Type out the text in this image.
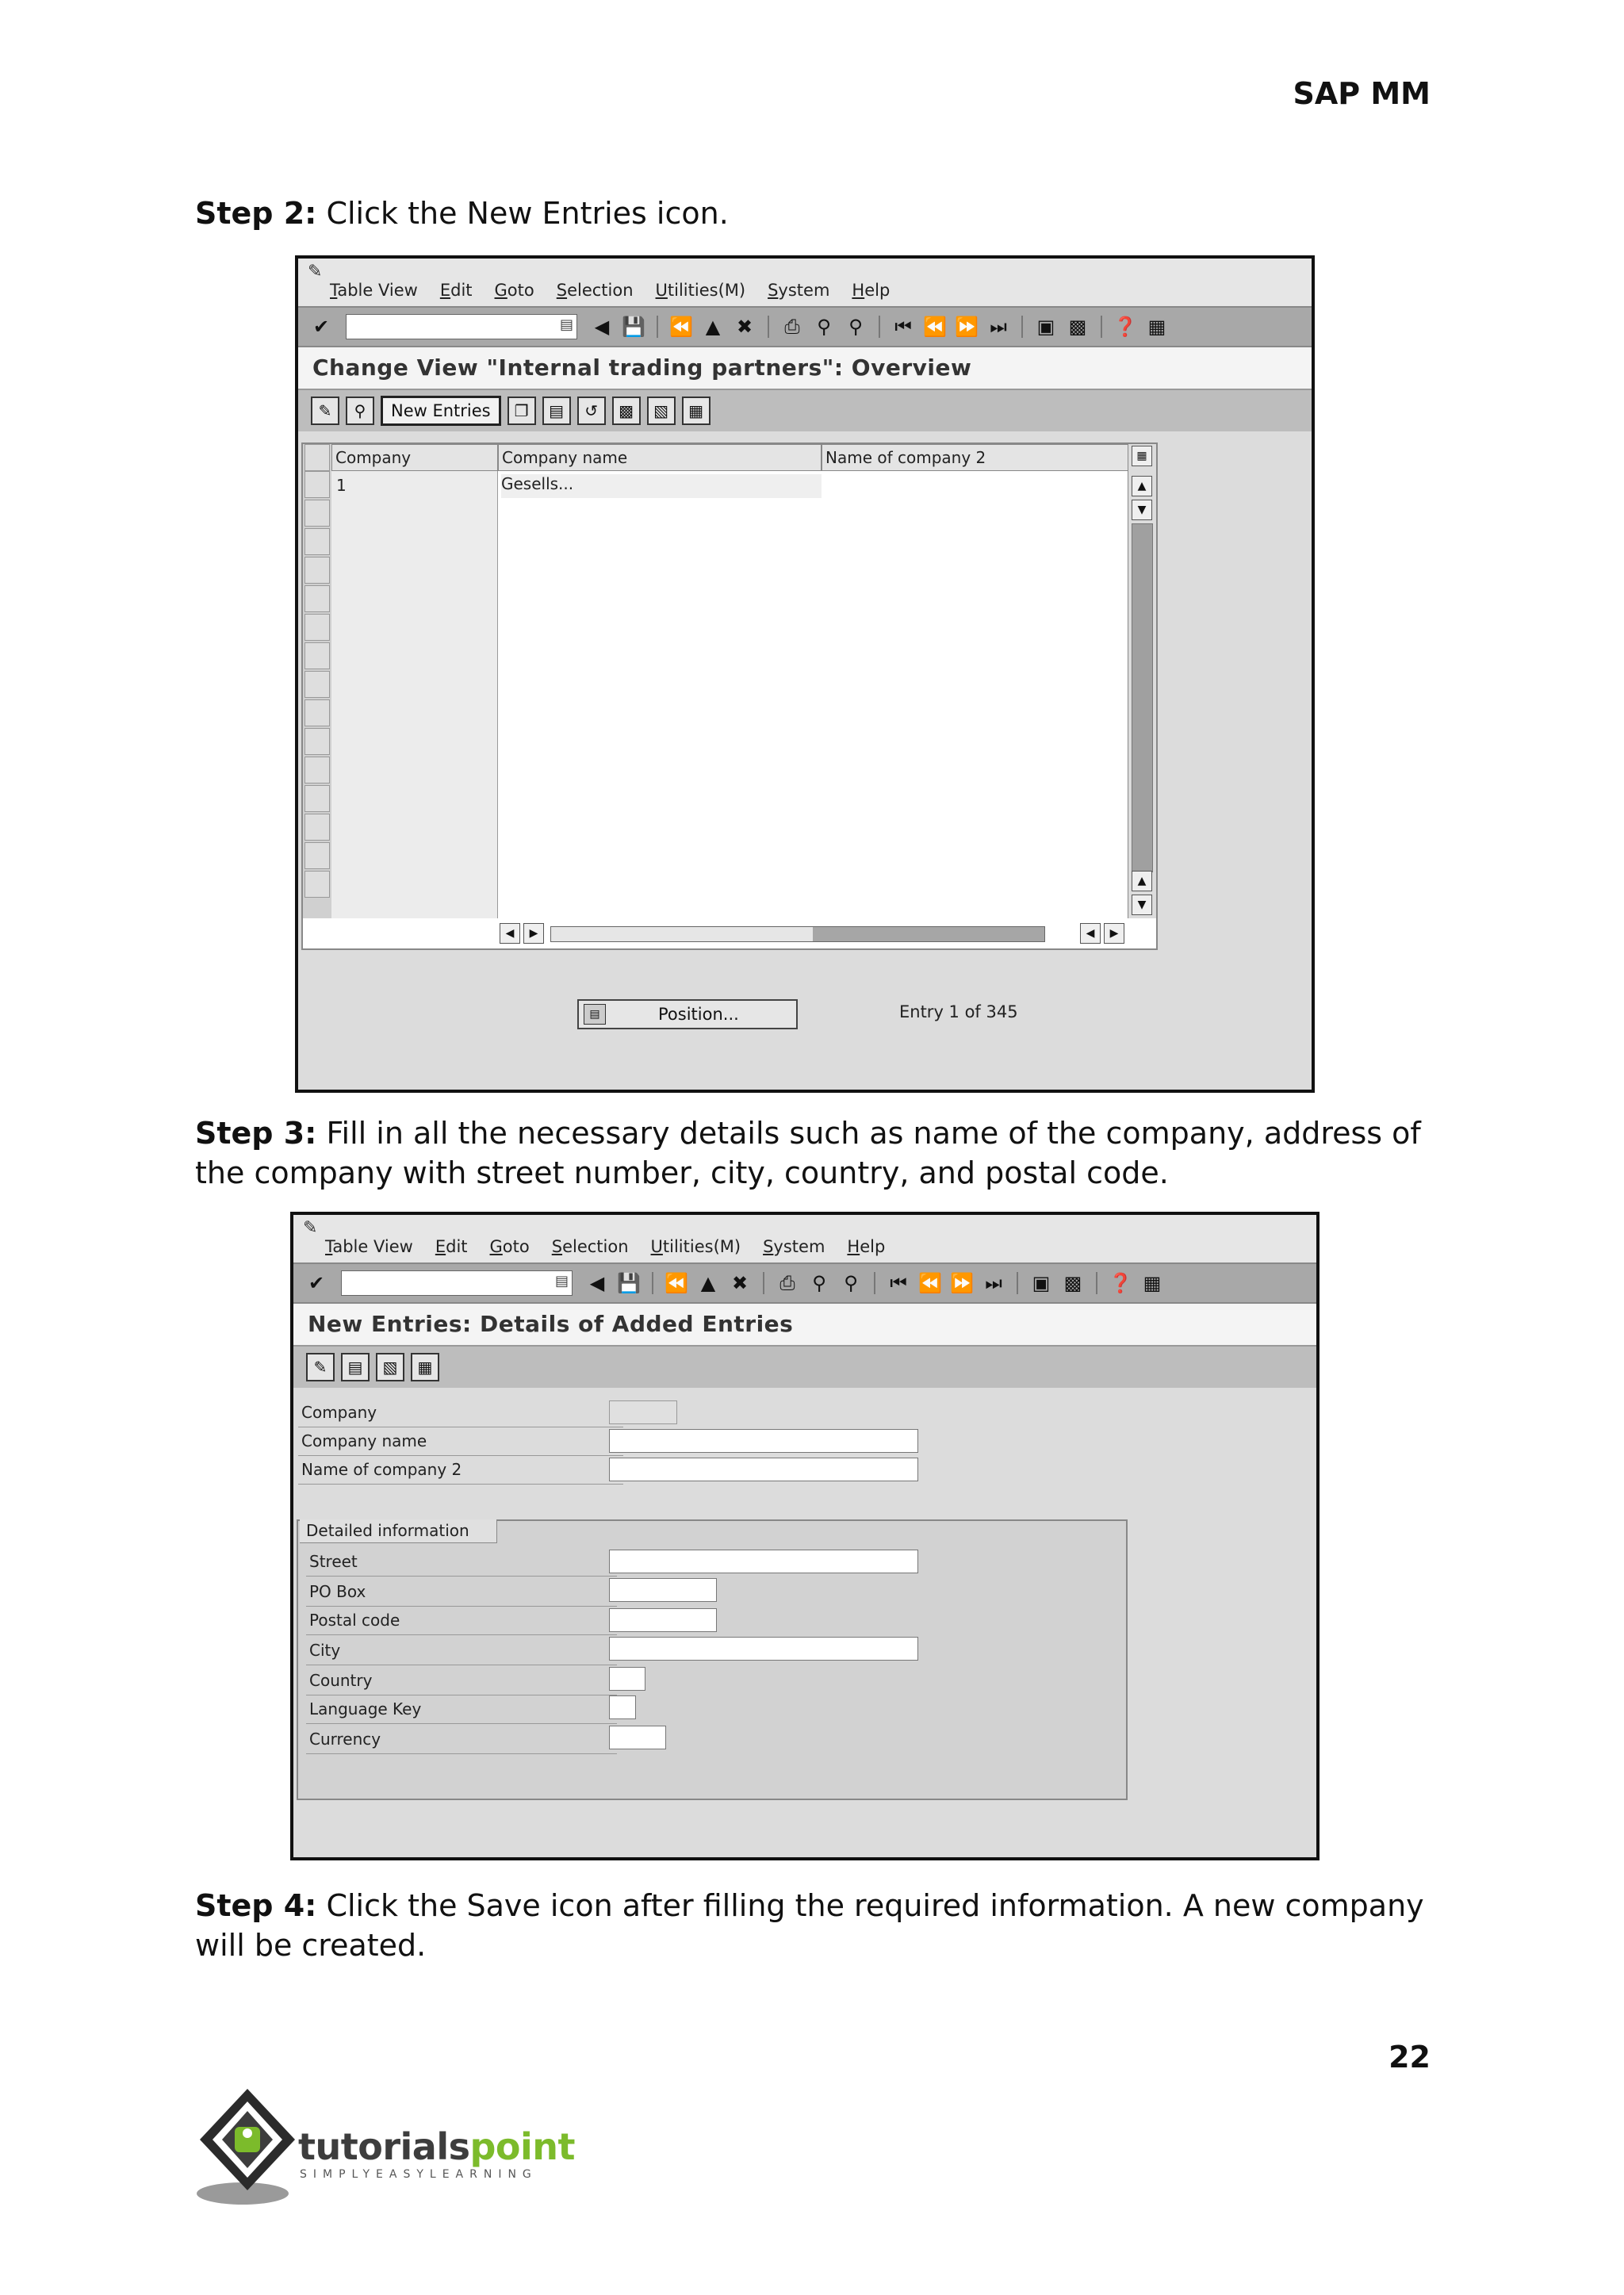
SAP MM
Step 2: Click the New Entries icon.
✎
Table View Edit Goto Selection Utilities(M) System Help
✔	▤ ◀ 💾 ⏪ ▲ ✖ ⎙ ⚲ ⚲ ⏮ ⏪ ⏩ ⏭ ▣ ▩ ❓ ▦
Change View "Internal trading partners": Overview
✎	⚲	New Entries	❐	▤	↺	▩	▧	▦
Company	Company name	Name of company 2
1	Gesells...
▦
▲
▼
▲
▼
◀	▶	◀	▶
▤	Position...	Entry 1 of 345
Step 3: Fill in all the necessary details such as name of the company, address of the company with street number, city, country, and postal code.
✎
Table View Edit Goto Selection Utilities(M) System Help
✔	▤ ◀ 💾 ⏪ ▲ ✖ ⎙ ⚲ ⚲ ⏮ ⏪ ⏩ ⏭ ▣ ▩ ❓ ▦
New Entries: Details of Added Entries
✎	▤	▧	▦
Company
Company name
Name of company 2
Detailed information
Street
PO Box
Postal code
City
Country
Language Key
Currency
Step 4: Click the Save icon after filling the required information. A new company will be created.
22
tutorialspoint
SIMPLYEASYLEARNING
